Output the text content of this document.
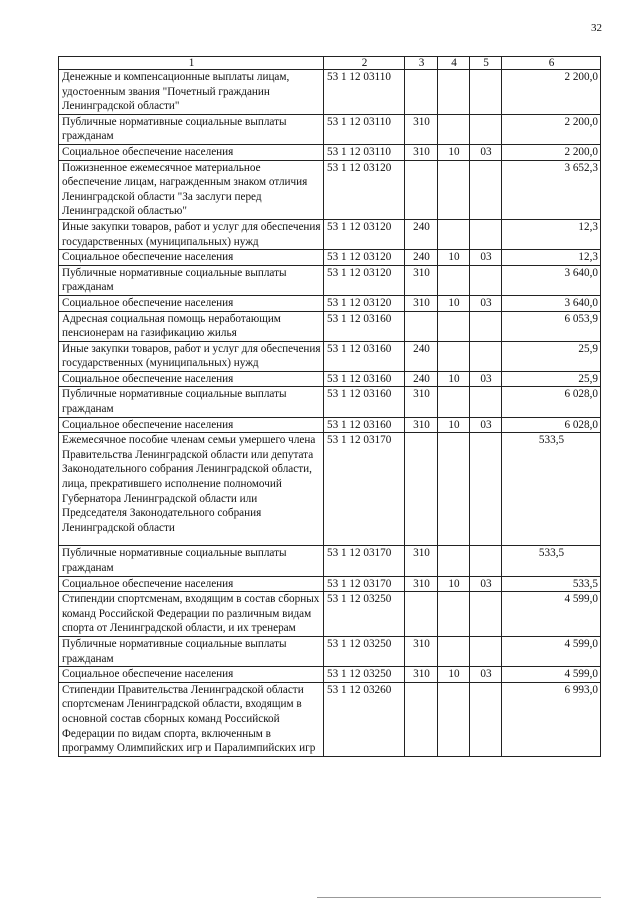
32
1	2	3	4	5	6
Денежные и компенсационные выплаты лицам, удостоенным звания "Почетный гражданин Ленинградской области"	53 1 12 03110				2 200,0
Публичные нормативные социальные выплаты гражданам	53 1 12 03110	310			2 200,0
Социальное обеспечение населения	53 1 12 03110	310	10	03	2 200,0
Пожизненное ежемесячное материальное обеспечение лицам, награжденным знаком отличия Ленинградской области "За заслуги перед Ленинградской областью"	53 1 12 03120				3 652,3
Иные закупки товаров, работ и услуг для обеспечения государственных (муниципальных) нужд	53 1 12 03120	240			12,3
Социальное обеспечение населения	53 1 12 03120	240	10	03	12,3
Публичные нормативные социальные выплаты гражданам	53 1 12 03120	310			3 640,0
Социальное обеспечение населения	53 1 12 03120	310	10	03	3 640,0
Адресная социальная помощь неработающим пенсионерам на газификацию жилья	53 1 12 03160				6 053,9
Иные закупки товаров, работ и услуг для обеспечения государственных (муниципальных) нужд	53 1 12 03160	240			25,9
Социальное обеспечение населения	53 1 12 03160	240	10	03	25,9
Публичные нормативные социальные выплаты гражданам	53 1 12 03160	310			6 028,0
Социальное обеспечение населения	53 1 12 03160	310	10	03	6 028,0
Ежемесячное пособие членам семьи умершего члена Правительства Ленинградской области или депутата Законодательного собрания Ленинградской области, лица, прекратившего исполнение полномочий Губернатора Ленинградской области или Председателя Законодательного собрания Ленинградской области	53 1 12 03170				533,5
Публичные нормативные социальные выплаты гражданам	53 1 12 03170	310			533,5
Социальное обеспечение населения	53 1 12 03170	310	10	03	533,5
Стипендии спортсменам, входящим в состав сборных команд Российской Федерации по различным видам спорта от Ленинградской области, и их тренерам	53 1 12 03250				4 599,0
Публичные нормативные социальные выплаты гражданам	53 1 12 03250	310			4 599,0
Социальное обеспечение населения	53 1 12 03250	310	10	03	4 599,0
Стипендии Правительства Ленинградской области спортсменам Ленинградской области, входящим в основной состав сборных команд Российской Федерации по видам спорта, включенным в программу Олимпийских игр и Паралимпийских игр	53 1 12 03260				6 993,0
